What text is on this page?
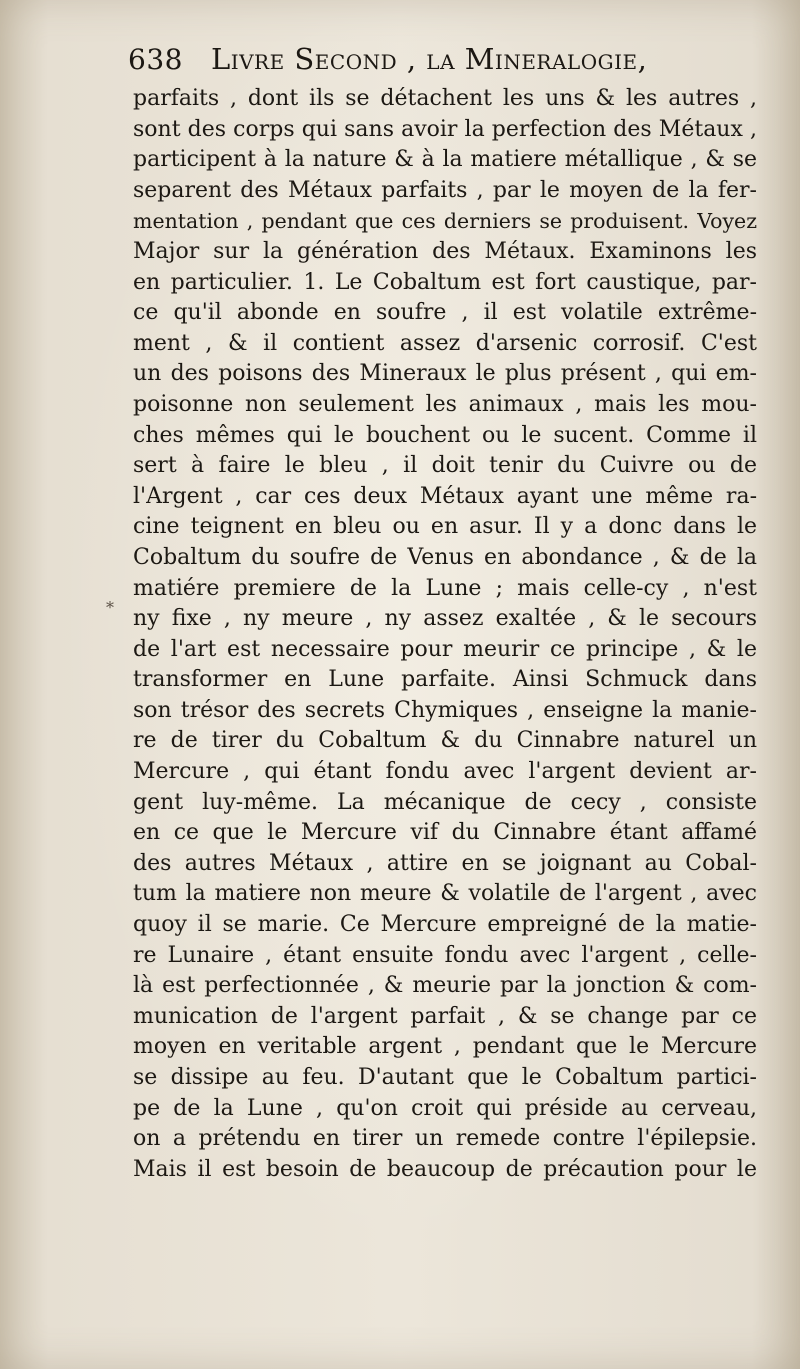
638 Livre Second , la Mineralogie,
parfaits , dont ils se détachent les uns & les autres ,
sont des corps qui sans avoir la perfection des Métaux ,
participent à la nature & à la matiere métallique , & se
separent des Métaux parfaits , par le moyen de la fer-
mentation , pendant que ces derniers se produisent. Voyez
Major sur la génération des Métaux. Examinons les
en particulier. 1. Le Cobaltum est fort caustique, par-
ce qu'il abonde en soufre , il est volatile extrême-
ment , & il contient assez d'arsenic corrosif. C'est
un des poisons des Mineraux le plus présent , qui em-
poisonne non seulement les animaux , mais les mou-
ches mêmes qui le bouchent ou le sucent. Comme il
sert à faire le bleu , il doit tenir du Cuivre ou de
l'Argent , car ces deux Métaux ayant une même ra-
cine teignent en bleu ou en asur. Il y a donc dans le
Cobaltum du soufre de Venus en abondance , & de la
matiére premiere de la Lune ; mais celle-cy , n'est
ny fixe , ny meure , ny assez exaltée , & le secours
de l'art est necessaire pour meurir ce principe , & le
transformer en Lune parfaite. Ainsi Schmuck dans
son trésor des secrets Chymiques , enseigne la manie-
re de tirer du Cobaltum & du Cinnabre naturel un
Mercure , qui étant fondu avec l'argent devient ar-
gent luy-même. La mécanique de cecy , consiste
en ce que le Mercure vif du Cinnabre étant affamé
des autres Métaux , attire en se joignant au Cobal-
tum la matiere non meure & volatile de l'argent , avec
quoy il se marie. Ce Mercure empreigné de la matie-
re Lunaire , étant ensuite fondu avec l'argent , celle-
là est perfectionnée , & meurie par la jonction & com-
munication de l'argent parfait , & se change par ce
moyen en veritable argent , pendant que le Mercure
se dissipe au feu. D'autant que le Cobaltum partici-
pe de la Lune , qu'on croit qui préside au cerveau,
on a prétendu en tirer un remede contre l'épilepsie.
Mais il est besoin de beaucoup de précaution pour le
*
